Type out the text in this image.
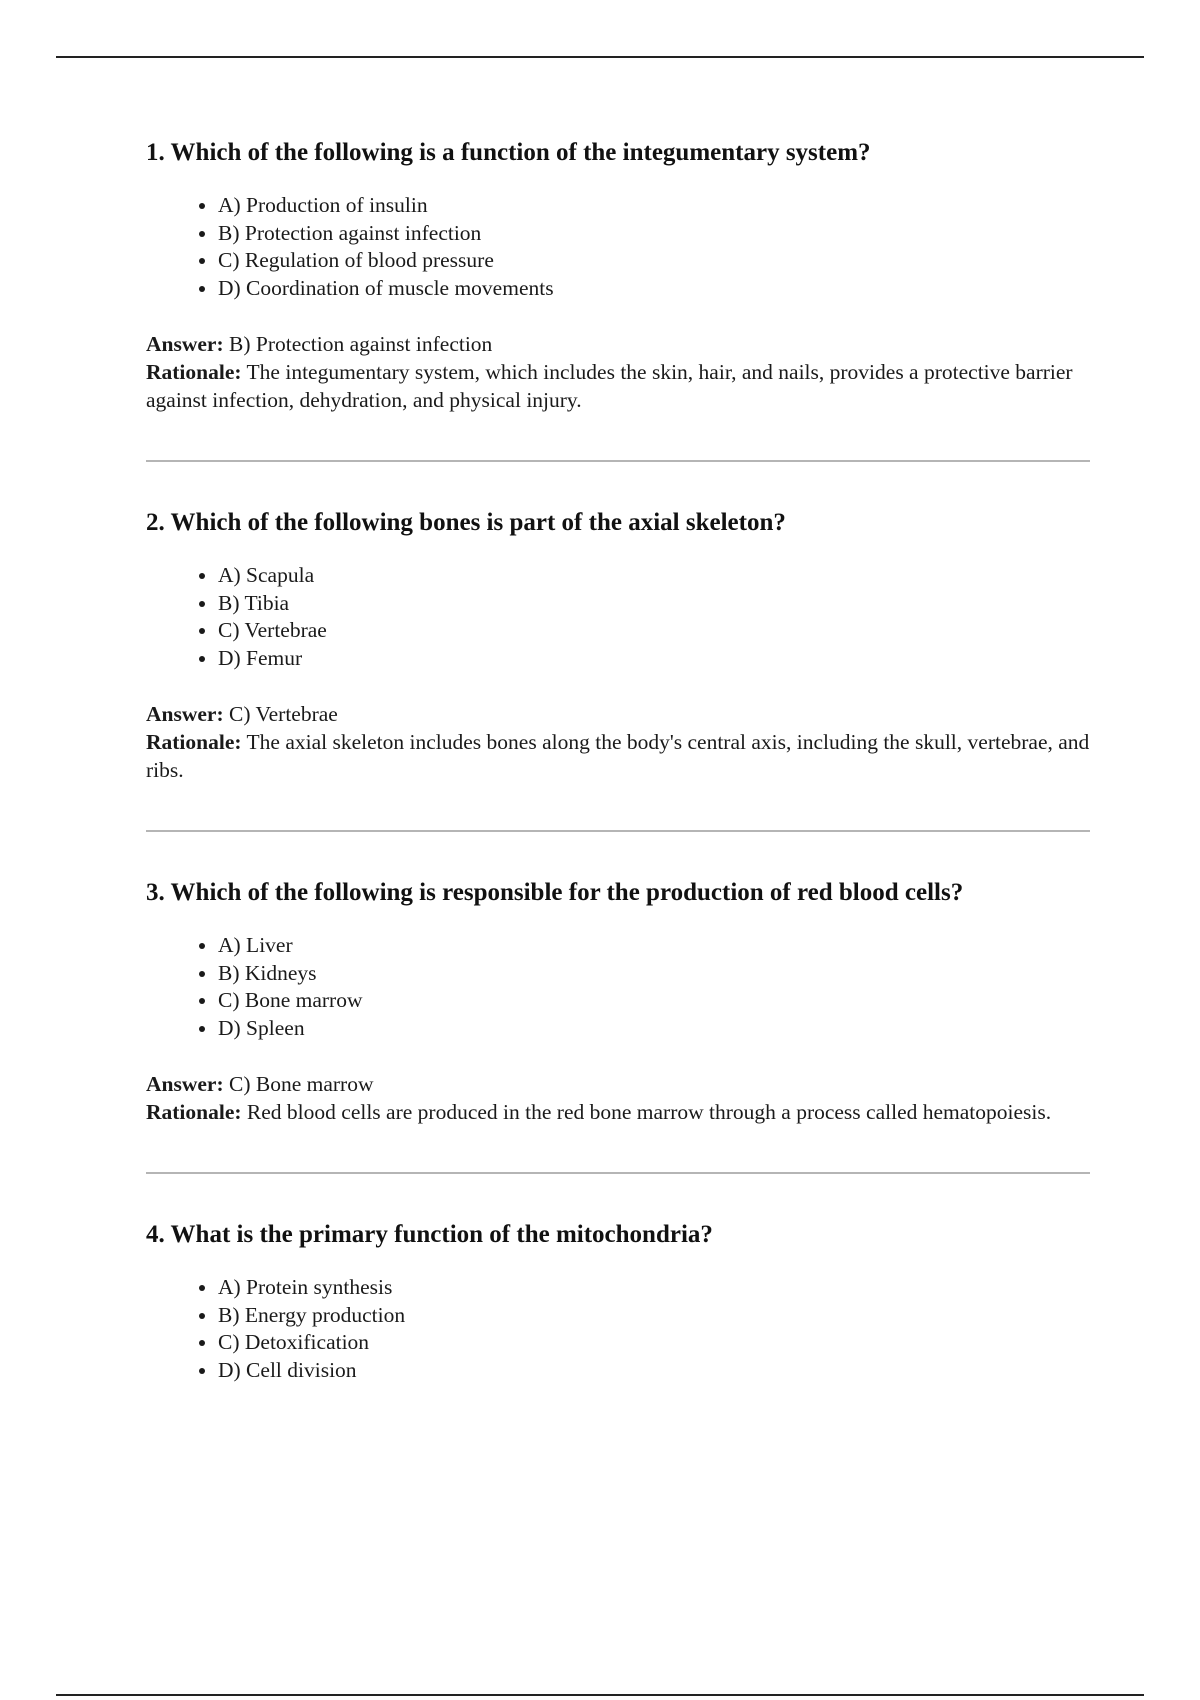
1. Which of the following is a function of the integumentary system?
• A) Production of insulin
• B) Protection against infection
• C) Regulation of blood pressure
• D) Coordination of muscle movements

Answer: B) Protection against infection

Rationale: The integumentary system, which includes the skin, hair, and nails, provides a protective barrier against infection, dehydration, and physical injury.

2. Which of the following bones is part of the axial skeleton?
• A) Scapula
• B) Tibia
• C) Vertebrae
• D) Femur

Answer: C) Vertebrae

Rationale: The axial skeleton includes bones along the body's central axis, including the skull, vertebrae, and ribs.

3. Which of the following is responsible for the production of red blood cells?
• A) Liver
• B) Kidneys
• C) Bone marrow
• D) Spleen

Answer: C) Bone marrow

Rationale: Red blood cells are produced in the red bone marrow through a process called hematopoiesis.

4. What is the primary function of the mitochondria?
• A) Protein synthesis
• B) Energy production
• C) Detoxification
• D) Cell division
